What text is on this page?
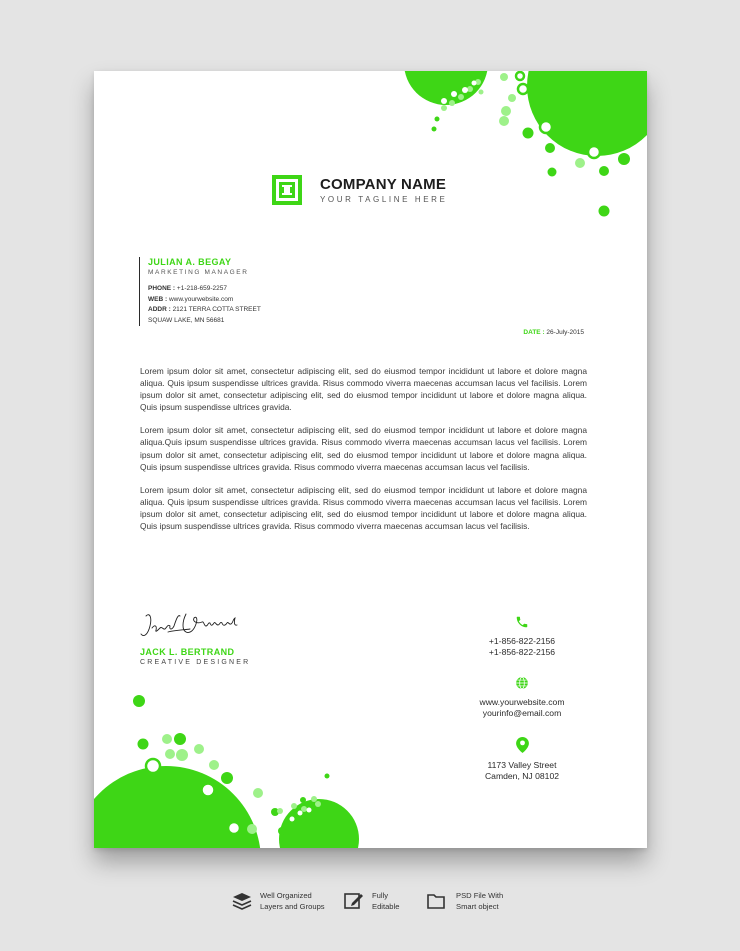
COMPANY NAME
YOUR TAGLINE HERE
JULIAN A. BEGAY
MARKETING MANAGER
PHONE : +1-218-659-2257
WEB : www.yourwebsite.com
ADDR : 2121 TERRA COTTA STREET
SQUAW LAKE, MN 56681
DATE : 26-July-2015

Lorem ipsum dolor sit amet, consectetur adipiscing elit, sed do eiusmod tempor incididunt ut labore et dolore magna aliqua. Quis ipsum suspendisse ultrices gravida. Risus commodo viverra maecenas accumsan lacus vel facilisis. Lorem ipsum dolor sit amet, consectetur adipiscing elit, sed do eiusmod tempor incididunt ut labore et dolore magna aliqua. Quis ipsum suspendisse ultrices gravida.

Lorem ipsum dolor sit amet, consectetur adipiscing elit, sed do eiusmod tempor incididunt ut labore et dolore magna aliqua.Quis ipsum suspendisse ultrices gravida. Risus commodo viverra maecenas accumsan lacus vel facilisis. Lorem ipsum dolor sit amet, consectetur adipiscing elit, sed do eiusmod tempor incididunt ut labore et dolore magna aliqua. Quis ipsum suspendisse ultrices gravida. Risus commodo viverra maecenas accumsan lacus vel facilisis.

Lorem ipsum dolor sit amet, consectetur adipiscing elit, sed do eiusmod tempor incididunt ut labore et dolore magna aliqua. Quis ipsum suspendisse ultrices gravida. Risus commodo viverra maecenas accumsan lacus vel facilisis. Lorem ipsum dolor sit amet, consectetur adipiscing elit, sed do eiusmod tempor incididunt ut labore et dolore magna aliqua. Quis ipsum suspendisse ultrices gravida. Risus commodo viverra maecenas accumsan lacus vel facilisis.

JACK L. BERTRAND
CREATIVE DESIGNER
+1-856-822-2156
+1-856-822-2156
www.yourwebsite.com
yourinfo@email.com
1173 Valley Street
Camden, NJ 08102
Well Organized
Layers and Groups
Fully
Editable
PSD File With
Smart object
